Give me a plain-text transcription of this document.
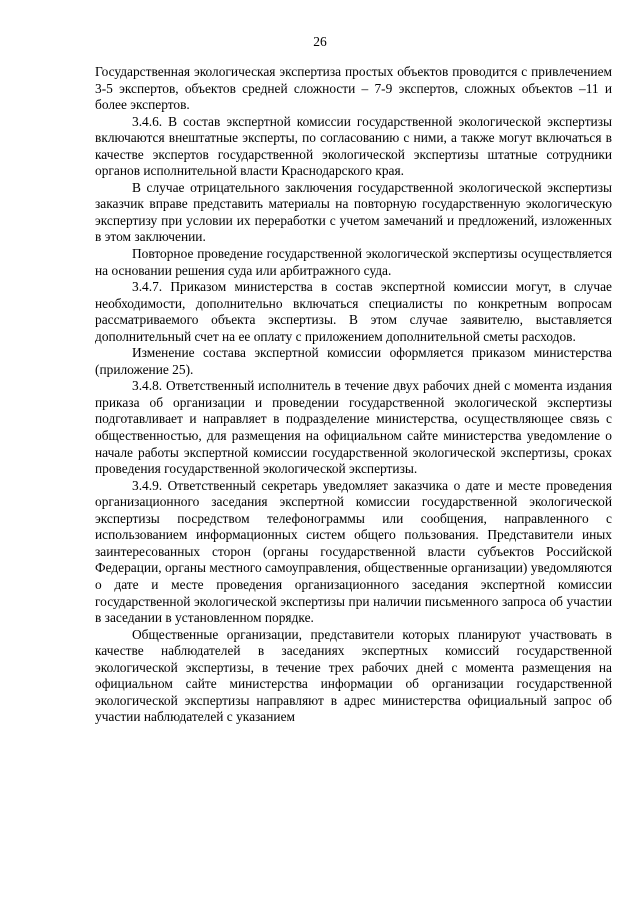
26

Государственная экологическая экспертиза простых объектов проводится с привлечением 3-5 экспертов, объектов средней сложности – 7-9 экспертов, сложных объектов –11 и более экспертов.

3.4.6. В состав экспертной комиссии государственной экологической экспертизы включаются внештатные эксперты, по согласованию с ними, а также могут включаться в качестве экспертов государственной экологической экспертизы штатные сотрудники органов исполнительной власти Краснодарского края.

В случае отрицательного заключения государственной экологической экспертизы заказчик вправе представить материалы на повторную государственную экологическую экспертизу при условии их переработки с учетом замечаний и предложений, изложенных в этом заключении.

Повторное проведение государственной экологической экспертизы осуществляется на основании решения суда или арбитражного суда.

3.4.7. Приказом министерства в состав экспертной комиссии могут, в случае необходимости, дополнительно включаться специалисты по конкретным вопросам рассматриваемого объекта экспертизы. В этом случае заявителю, выставляется дополнительный счет на ее оплату с приложением дополнительной сметы расходов.

Изменение состава экспертной комиссии оформляется приказом министерства (приложение 25).

3.4.8. Ответственный исполнитель в течение двух рабочих дней с момента издания приказа об организации и проведении государственной экологической экспертизы подготавливает и направляет в подразделение министерства, осуществляющее связь с общественностью, для размещения на официальном сайте министерства уведомление о начале работы экспертной комиссии государственной экологической экспертизы, сроках проведения государственной экологической экспертизы.

3.4.9. Ответственный секретарь уведомляет заказчика о дате и месте проведения организационного заседания экспертной комиссии государственной экологической экспертизы посредством телефонограммы или сообщения, направленного с использованием информационных систем общего пользования. Представители иных заинтересованных сторон (органы государственной власти субъектов Российской Федерации, органы местного самоуправления, общественные организации) уведомляются о дате и месте проведения организационного заседания экспертной комиссии государственной экологической экспертизы при наличии письменного запроса об участии в заседании в установленном порядке.

Общественные организации, представители которых планируют участвовать в качестве наблюдателей в заседаниях экспертных комиссий государственной экологической экспертизы, в течение трех рабочих дней с момента размещения на официальном сайте министерства информации об организации государственной экологической экспертизы направляют в адрес министерства официальный запрос об участии наблюдателей с указанием
